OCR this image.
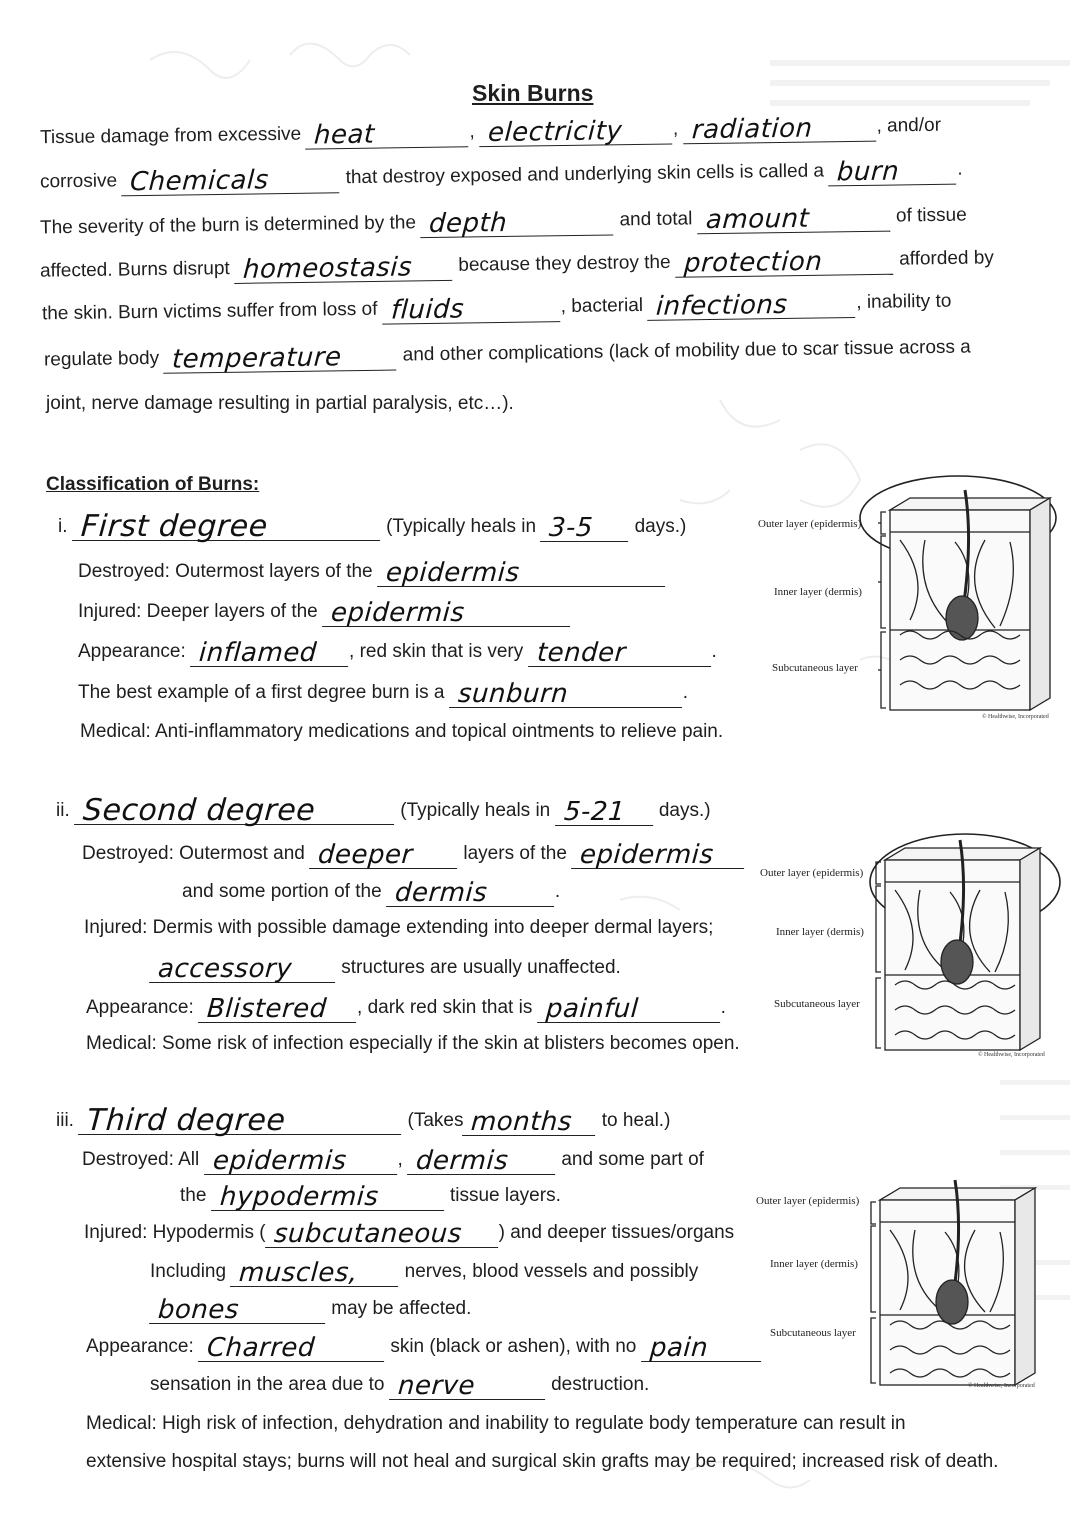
Skin Burns
Tissue damage from excessive heat	, electricity	, radiation	, and/or
corrosive Chemicals	that destroy exposed and underlying skin cells is called a burn	.
The severity of the burn is determined by the depth	and total amount	of tissue
affected. Burns disrupt homeostasis because they destroy the protection	afforded by
the skin. Burn victims suffer from loss of fluids	, bacterial infections	, inability to
regulate body temperature	and other complications (lack of mobility due to scar tissue across a
joint, nerve damage resulting in partial paralysis, etc…).
Classification of Burns:
i. First degree	(Typically heals in 3-5 days.)
Destroyed: Outermost layers of the epidermis
Injured: Deeper layers of the epidermis
Appearance: inflamed , red skin that is very tender	.
The best example of a first degree burn is a sunburn	.
Medical: Anti-inflammatory medications and topical ointments to relieve pain.
ii. Second degree	(Typically heals in 5-21 days.)
Destroyed: Outermost and deeper	layers of the epidermis
and some portion of the dermis	.
Injured: Dermis with possible damage extending into deeper dermal layers;
accessory	structures are usually unaffected.
Appearance: Blistered , dark red skin that is painful	.
Medical: Some risk of infection especially if the skin at blisters becomes open.
iii. Third degree	(Takes months to heal.)
Destroyed: All epidermis	, dermis	and some part of
the hypodermis	tissue layers.
Injured: Hypodermis ( subcutaneous ) and deeper tissues/organs
Including muscles, nerves, blood vessels and possibly
bones	may be affected.
Appearance: Charred	skin (black or ashen), with no pain
sensation in the area due to nerve	destruction.
Medical: High risk of infection, dehydration and inability to regulate body temperature can result in
extensive hospital stays; burns will not heal and surgical skin grafts may be required; increased risk of death.
Outer layer (epidermis)
Inner layer (dermis)
Subcutaneous layer
© Healthwise, Incorporated
Outer layer (epidermis)
Inner layer (dermis)
Subcutaneous layer
© Healthwise, Incorporated
Outer layer (epidermis)
Inner layer (dermis)
Subcutaneous layer
© Healthwise, Incorporated
